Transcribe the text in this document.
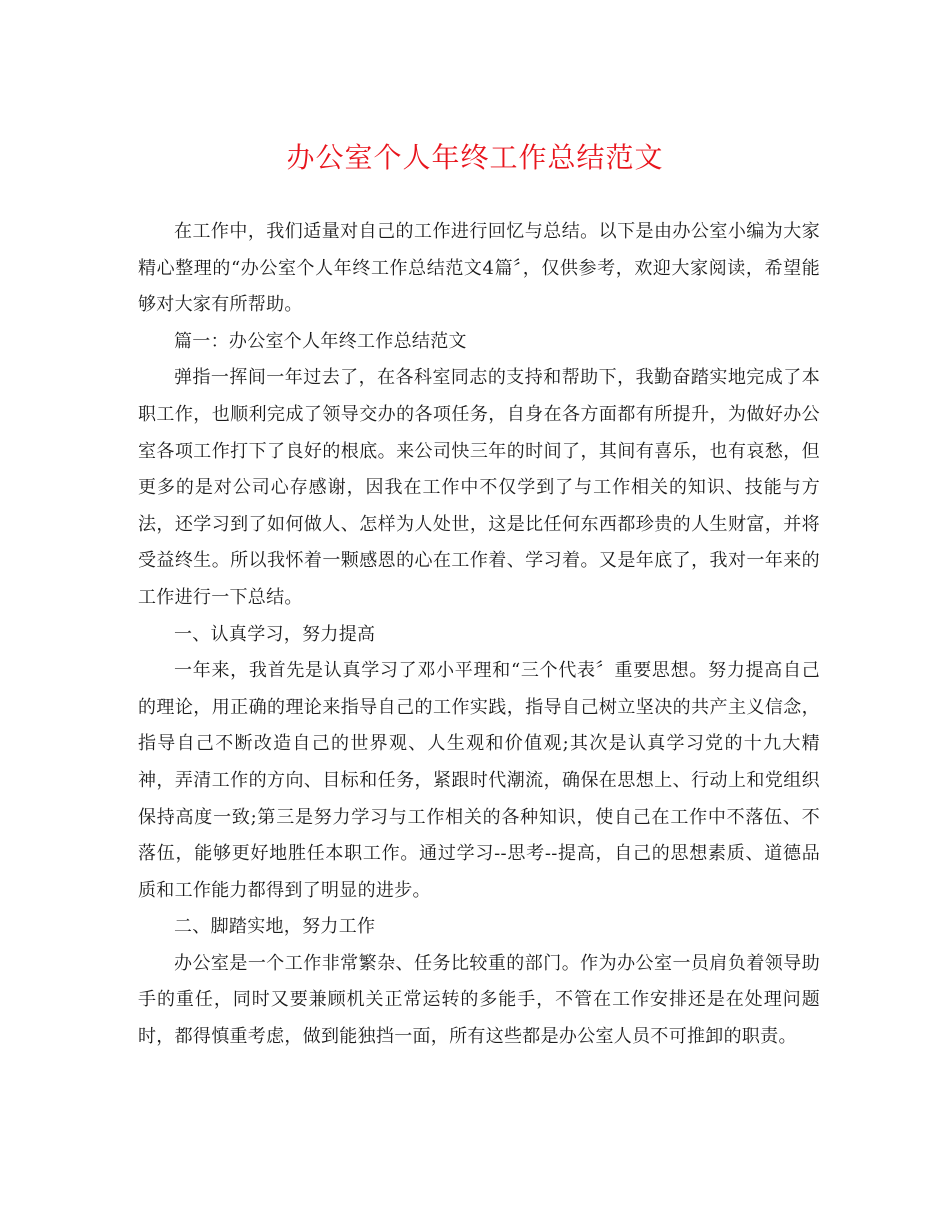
办公室个人年终工作总结范文

在工作中，我们适量对自己的工作进行回忆与总结。以下是由办公室小编为大家精心整理的“办公室个人年终工作总结范文4篇〞，仅供参考，欢迎大家阅读，希望能够对大家有所帮助。

篇一：办公室个人年终工作总结范文

弹指一挥间一年过去了，在各科室同志的支持和帮助下，我勤奋踏实地完成了本职工作，也顺利完成了领导交办的各项任务，自身在各方面都有所提升，为做好办公室各项工作打下了良好的根底。来公司快三年的时间了，其间有喜乐，也有哀愁，但更多的是对公司心存感谢，因我在工作中不仅学到了与工作相关的知识、技能与方法，还学习到了如何做人、怎样为人处世，这是比任何东西都珍贵的人生财富，并将受益终生。所以我怀着一颗感恩的心在工作着、学习着。又是年底了，我对一年来的工作进行一下总结。

一、认真学习，努力提高

一年来，我首先是认真学习了邓小平理和“三个代表〞重要思想。努力提高自己的理论，用正确的理论来指导自己的工作实践，指导自己树立坚决的共产主义信念，指导自己不断改造自己的世界观、人生观和价值观;其次是认真学习党的十九大精神，弄清工作的方向、目标和任务，紧跟时代潮流，确保在思想上、行动上和党组织保持高度一致;第三是努力学习与工作相关的各种知识，使自己在工作中不落伍、不落伍，能够更好地胜任本职工作。通过学习--思考--提高，自己的思想素质、道德品质和工作能力都得到了明显的进步。

二、脚踏实地，努力工作

办公室是一个工作非常繁杂、任务比较重的部门。作为办公室一员肩负着领导助手的重任，同时又要兼顾机关正常运转的多能手，不管在工作安排还是在处理问题时，都得慎重考虑，做到能独挡一面，所有这些都是办公室人员不可推卸的职责。
